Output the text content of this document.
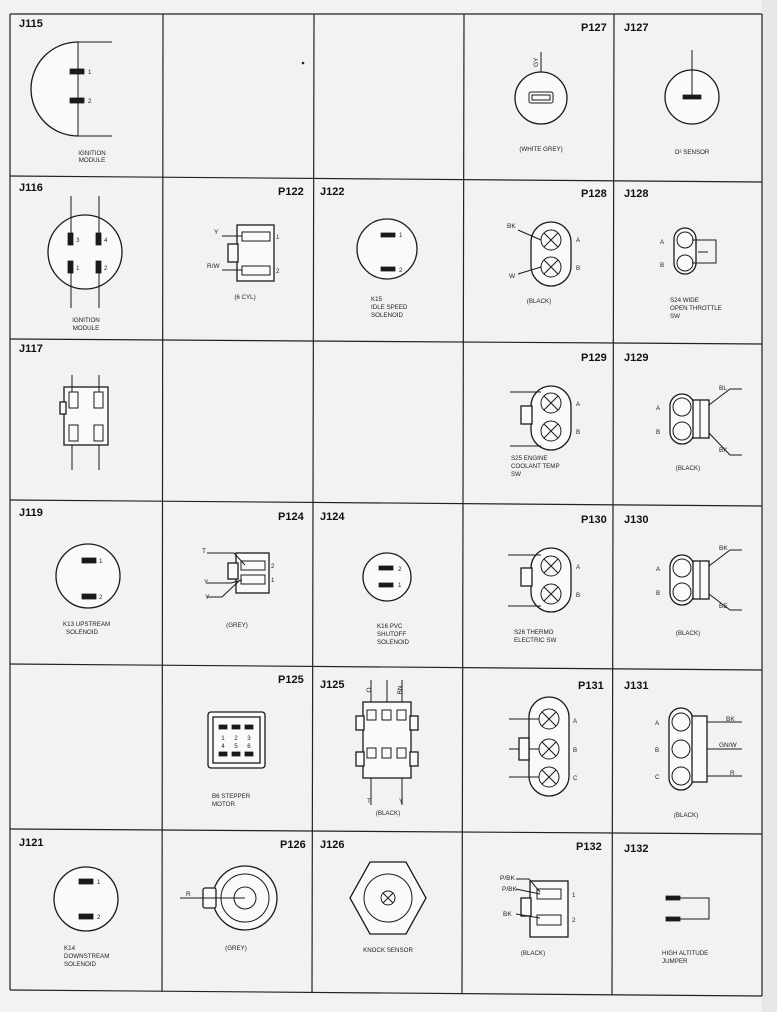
J115
1
2
IGNITION
MODULE
P127
GY
(WHITE GREY)
J127
O² SENSOR
J116
3	4
1	2
IGNITION
MODULE
P122
Y
R/W
1
2
(6 CYL)
J122
1
2
K15
IDLE SPEED
SOLENOID
P128
BK
W
A
B
(BLACK)
J128
A
B
S24 WIDE
OPEN THROTTLE
SW
J117
P129
A
B
S25 ENGINE
COOLANT TEMP
SW
J129
BL
BK
A
B
(BLACK)
J119
1
2
K13 UPSTREAM
SOLENOID
P124
T
Y
Y
2
1
(GREY)
J124
2
1
K16 PVC
SHUTOFF
SOLENOID
P130
A
B
S26 THERMO
ELECTRIC SW
J130
BK
BE
A
B
(BLACK)
P125
1 2 3
4 5 6
B6 STEPPER
MOTOR
J125	O	BN
T	Y
(BLACK)
P131
A
B
C
J131
BK
GN/W
R
A
B
C
(BLACK)
J121
1
2
K14
DOWNSTREAM
SOLENOID
P126
R
(GREY)
J126
KNOCK SENSOR
P132
P/BK
P/BK
BK
1
2
(BLACK)
J132
HIGH ALTITUDE
JUMPER
